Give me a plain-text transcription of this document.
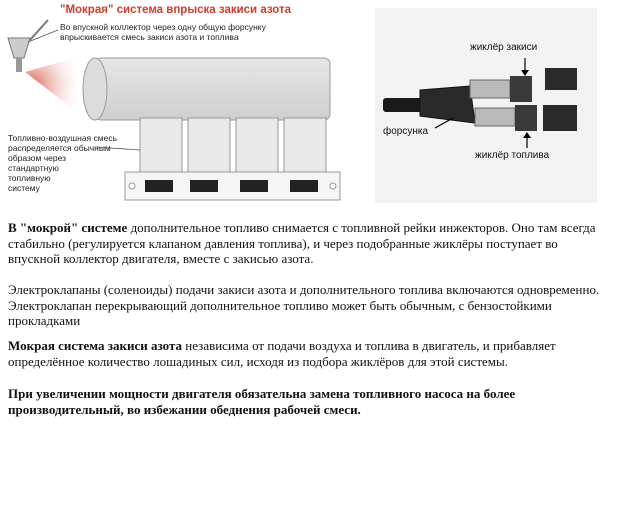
"Мокрая" система впрыска закиси азота
Во впускной коллектор через одну общую форсунку
впрыскивается смесь закиси азота и топлива
Топливно-воздушная смесь
распределяется обычным
образом через
стандартную
топливную
системy
жиклёр закиси
форсунка
жиклёр топлива
В "мокрой" системе дополнительное топливо снимается с топливной рейки инжекторов. Оно там всегда стабильно (регулируется клапаном давления топлива), и через подобранные жиклёры поступает во впускной коллектор двигателя, вместе с закисью азота.
Электроклапаны (соленоиды) подачи закиси азота и дополнительного топлива включаются одновременно. Электроклапан перекрывающий дополнительное топливо может быть обычным, с бензостойкими прокладками
Мокрая система закиси азота независима от подачи воздуха и топлива в двигатель, и прибавляет определённое количество лошадиных сил, исходя из подбора жиклёров для этой системы.
При увеличении мощности двигателя обязательна замена топливного насоса на более производительный, во избежании обеднения рабочей смеси.
